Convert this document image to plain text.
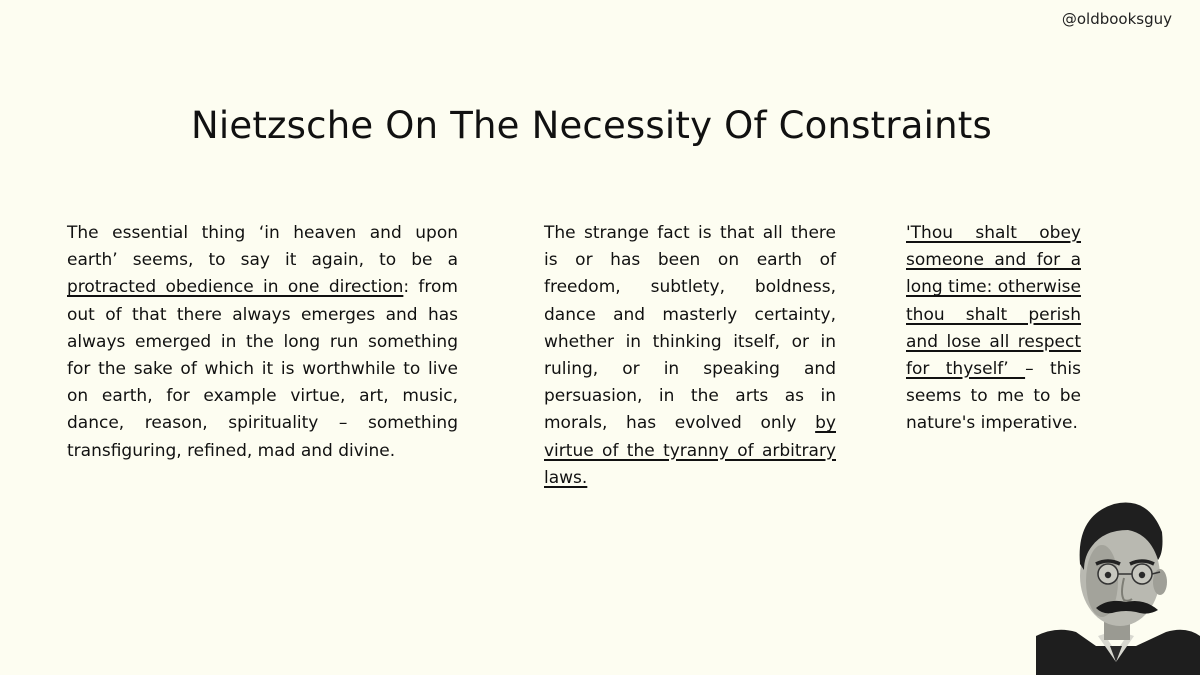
@oldbooksguy
Nietzsche On The Necessity Of Constraints

The essential thing ‘in heaven and upon earth’ seems, to say it again, to be a protracted obedience in one direction: from out of that there always emerges and has always emerged in the long run something for the sake of which it is worthwhile to live on earth, for example virtue, art, music, dance, reason, spirituality – something transfiguring, refined, mad and divine.

The strange fact is that all there is or has been on earth of freedom, subtlety, boldness, dance and masterly certainty, whether in thinking itself, or in ruling, or in speaking and persuasion, in the arts as in morals, has evolved only by virtue of the tyranny of arbitrary laws.

'Thou shalt obey someone and for a long time: otherwise thou shalt perish and lose all respect for thyself’ – this seems to me to be nature's imperative.
